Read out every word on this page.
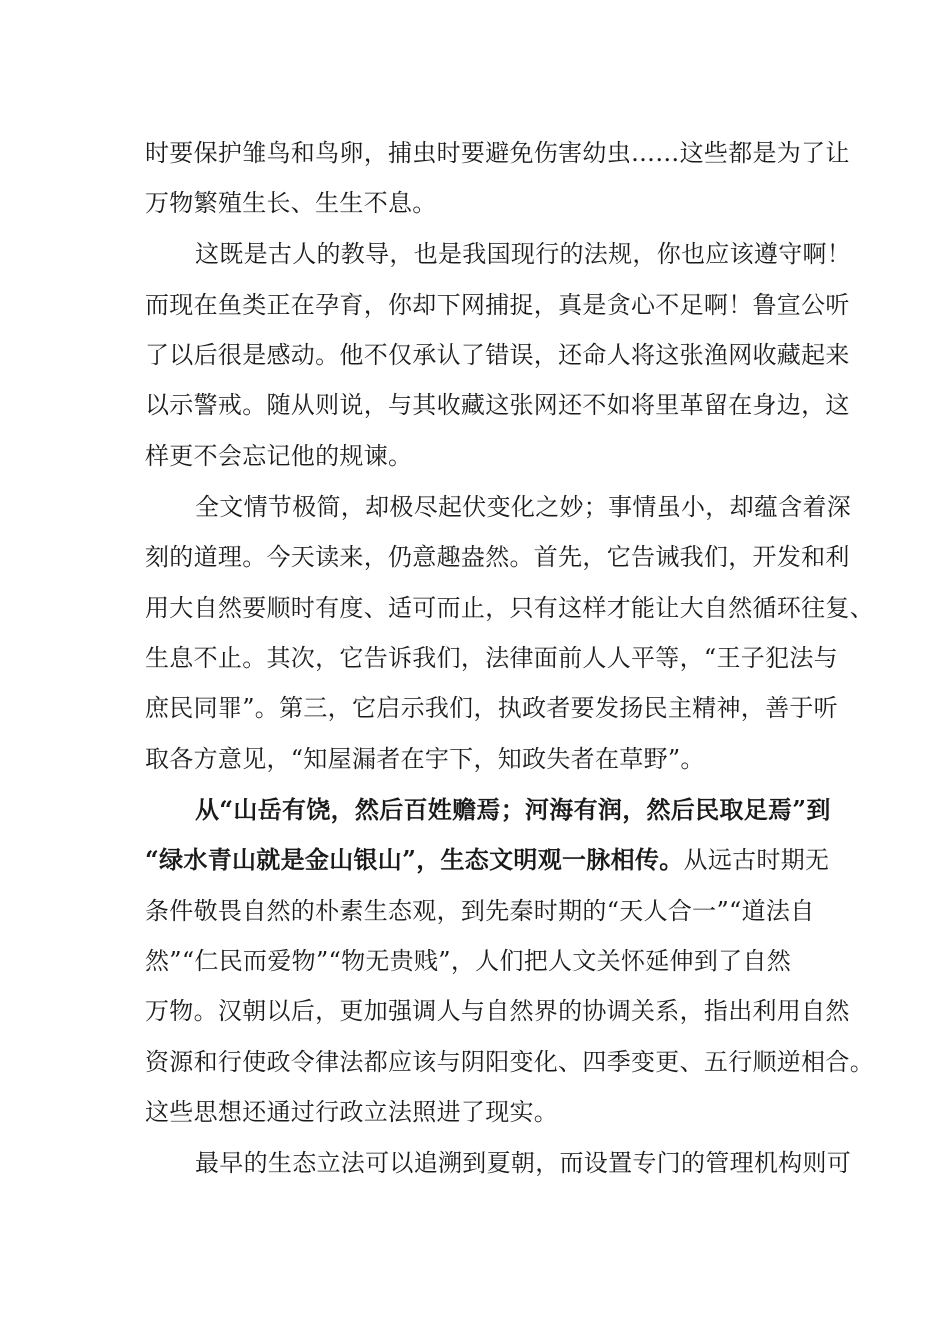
时要保护雏鸟和鸟卵，捕虫时要避免伤害幼虫……这些都是为了让
万物繁殖生长、生生不息。
这既是古人的教导，也是我国现行的法规，你也应该遵守啊！
而现在鱼类正在孕育，你却下网捕捉，真是贪心不足啊！鲁宣公听
了以后很是感动。他不仅承认了错误，还命人将这张渔网收藏起来
以示警戒。随从则说，与其收藏这张网还不如将里革留在身边，这
样更不会忘记他的规谏。
全文情节极简，却极尽起伏变化之妙；事情虽小，却蕴含着深
刻的道理。今天读来，仍意趣盎然。首先，它告诫我们，开发和利
用大自然要顺时有度、适可而止，只有这样才能让大自然循环往复、
生息不止。其次，它告诉我们，法律面前人人平等，“王子犯法与
庶民同罪”。第三，它启示我们，执政者要发扬民主精神，善于听
取各方意见，“知屋漏者在宇下，知政失者在草野”。
从“山岳有饶，然后百姓赡焉；河海有润，然后民取足焉”到
“绿水青山就是金山银山”，生态文明观一脉相传。从远古时期无
条件敬畏自然的朴素生态观，到先秦时期的“天人合一”“道法自
然”“仁民而爱物”“物无贵贱”，人们把人文关怀延伸到了自然
万物。汉朝以后，更加强调人与自然界的协调关系，指出利用自然
资源和行使政令律法都应该与阴阳变化、四季变更、五行顺逆相合。
这些思想还通过行政立法照进了现实。
最早的生态立法可以追溯到夏朝，而设置专门的管理机构则可
